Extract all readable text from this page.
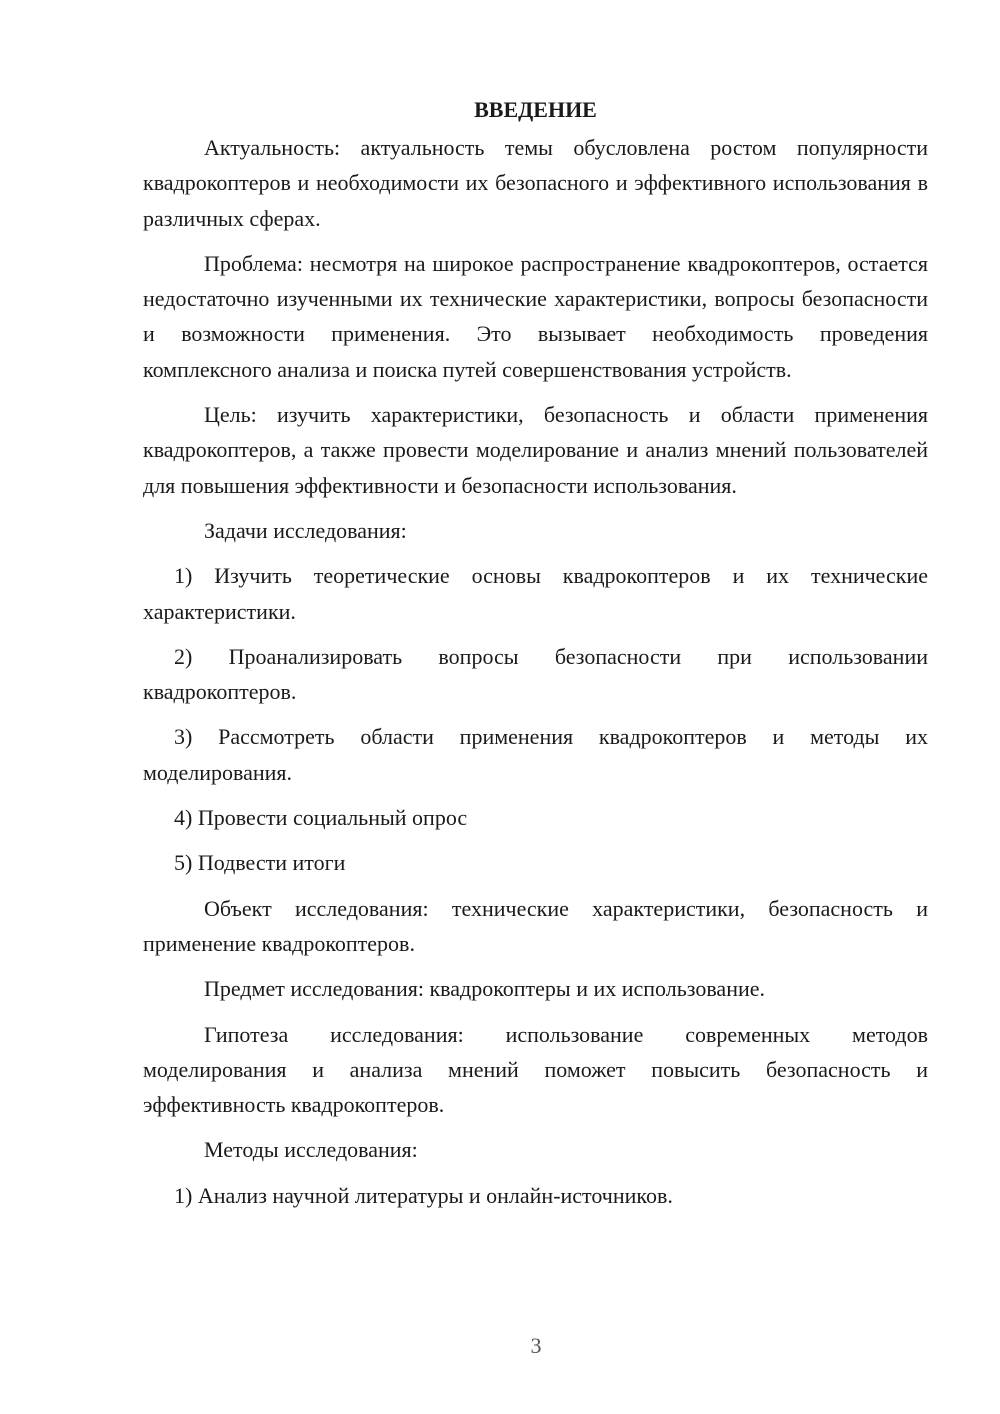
ВВЕДЕНИЕ

Актуальность: актуальность темы обусловлена ростом популярности квадрокоптеров и необходимости их безопасного и эффективного использования в различных сферах.

Проблема: несмотря на широкое распространение квадрокоптеров, остается недостаточно изученными их технические характеристики, вопросы безопасности и возможности применения. Это вызывает необходимость проведения комплексного анализа и поиска путей совершенствования устройств.

Цель: изучить характеристики, безопасность и области применения квадрокоптеров, а также провести моделирование и анализ мнений пользователей для повышения эффективности и безопасности использования.

Задачи исследования:

1) Изучить теоретические основы квадрокоптеров и их технические характеристики.

2) Проанализировать вопросы безопасности при использовании квадрокоптеров.

3) Рассмотреть области применения квадрокоптеров и методы их моделирования.

4) Провести социальный опрос

5) Подвести итоги

Объект исследования: технические характеристики, безопасность и применение квадрокоптеров.

Предмет исследования: квадрокоптеры и их использование.

Гипотеза исследования: использование современных методов моделирования и анализа мнений поможет повысить безопасность и эффективность квадрокоптеров.

Методы исследования:

1) Анализ научной литературы и онлайн-источников.

3
